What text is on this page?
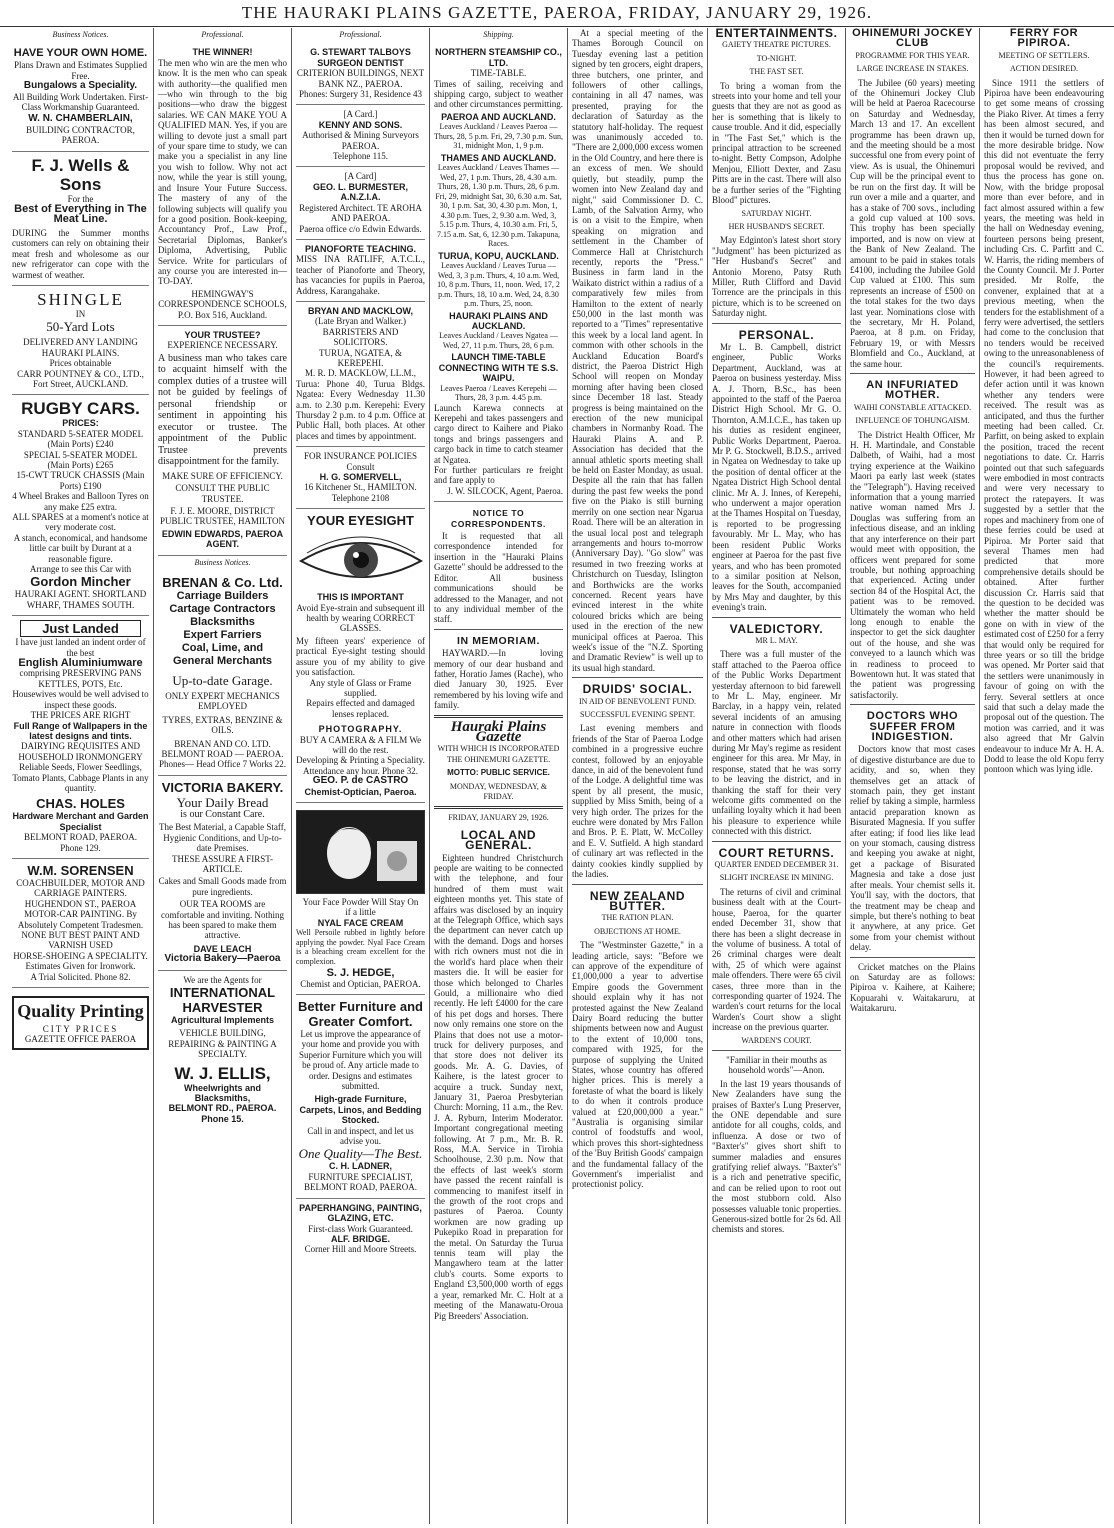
THE HAURAKI PLAINS GAZETTE, PAEROA, FRIDAY, JANUARY 29, 1926.
Business Notices.
HAVE YOUR OWN HOME.
Plans Drawn and Estimates Supplied Free.
Bungalows a Speciality.
All Building Work Undertaken. First-Class Workmanship Guaranteed.
W. N. CHAMBERLAIN,
BUILDING CONTRACTOR, PAEROA.
F. J. Wells & Sons
For the
Best of Everything in The Meat Line.
DURING the Summer months customers can rely on obtaining their meat fresh and wholesome as our new refrigerator can cope with the warmest of weather.
SHINGLE
IN
50-Yard Lots
DELIVERED ANY LANDING HAURAKI PLAINS.
Prices obtainable
CARR POUNTNEY & CO., LTD., Fort Street, AUCKLAND.
RUGBY CARS.
PRICES:
STANDARD 5-SEATER MODEL (Main Ports) £240
SPECIAL 5-SEATER MODEL (Main Ports) £265
15-CWT TRUCK CHASSIS (Main Ports) £190
4 Wheel Brakes and Balloon Tyres on any make £25 extra.
ALL SPARES at a moment's notice at very moderate cost.
A stanch, economical, and handsome little car built by Durant at a reasonable figure.
Arrange to see this Car with
Gordon Mincher
HAURAKI AGENT. SHORTLAND WHARF, THAMES SOUTH.
Just Landed
I have just landed an indent order of the best
English Aluminiumware
comprising PRESERVING PANS KETTLES, POTS, Etc.
Housewives would be well advised to inspect these goods.
THE PRICES ARE RIGHT
Full Range of Wallpapers in the latest designs and tints.
DAIRYING REQUISITES AND HOUSEHOLD IRONMONGERY
Reliable Seeds, Flower Seedlings, Tomato Plants, Cabbage Plants in any quantity.
CHAS. HOLES
Hardware Merchant and Garden Specialist
BELMONT ROAD, PAEROA. Phone 129.
W.M. SORENSEN
COACHBUILDER, MOTOR AND CARRIAGE PAINTERS. HUGHENDON ST., PAEROA
MOTOR-CAR PAINTING. By Absolutely Competent Tradesmen.
NONE BUT BEST PAINT AND VARNISH USED
HORSE-SHOEING A SPECIALITY.
Estimates Given for Ironwork.
A Trial Solicited. Phone 82.
Quality Printing
CITY PRICES
GAZETTE OFFICE PAEROA
Professional.
THE WINNER!
The men who win are the men who know. It is the men who can speak with authority—the qualified men—who win through to the big positions—who draw the biggest salaries. WE CAN MAKE YOU A QUALIFIED MAN. Yes, if you are willing to devote just a small part of your spare time to study, we can make you a specialist in any line you wish to follow. Why not act now, while the year is still young, and Insure Your Future Success. The mastery of any of the following subjects will qualify you for a good position. Book-keeping, Accountancy Prof., Law Prof., Secretarial Diplomas, Banker's Diploma, Advertising, Public Service. Write for particulars of any course you are interested in—TO-DAY.
HEMINGWAY'S CORRESPONDENCE SCHOOLS, P.O. Box 516, Auckland.
YOUR TRUSTEE?
EXPERIENCE NECESSARY.
A business man who takes care to acquaint himself with the complex duties of a trustee will not be guided by feelings of personal friendship or sentiment in appointing his executor or trustee. The appointment of the Public Trustee prevents disappointment for the family.
MAKE SURE OF EFFICIENCY.
CONSULT THE PUBLIC TRUSTEE.
F. J. E. MOORE, DISTRICT PUBLIC TRUSTEE, HAMILTON
EDWIN EDWARDS, PAEROA AGENT.
Business Notices.
BRENAN & Co. Ltd.
Carriage Builders
Cartage Contractors
Blacksmiths
Expert Farriers
Coal, Lime, and
General Merchants
Up-to-date Garage.
ONLY EXPERT MECHANICS EMPLOYED
TYRES, EXTRAS, BENZINE & OILS.
BRENAN AND CO. LTD. BELMONT ROAD — PAEROA.
Phones— Head Office 7 Works 22.
VICTORIA BAKERY.
Your Daily Bread
is our Constant Care.
The Best Material, a Capable Staff, Hygienic Conditions, and Up-to-date Premises.
THESE ASSURE A FIRST-ARTICLE.
Cakes and Small Goods made from pure ingredients.
OUR TEA ROOMS are comfortable and inviting. Nothing has been spared to make them attractive.
DAVE LEACH
Victoria Bakery—Paeroa
We are the Agents for
INTERNATIONAL HARVESTER
Agricultural Implements
VEHICLE BUILDING, REPAIRING & PAINTING A SPECIALTY.
W. J. ELLIS,
Wheelwrights and Blacksmiths,
BELMONT RD., PAEROA.
Phone 15.
Professional.
G. STEWART TALBOYS SURGEON DENTIST
CRITERION BUILDINGS, NEXT BANK NZ., PAEROA.
Phones: Surgery 31, Residence 43
[A Card.]
KENNY AND SONS.
Authorised & Mining Surveyors PAEROA.
Telephone 115.
[A Card]
GEO. L. BURMESTER, A.N.Z.I.A.
Registered Architect. TE AROHA AND PAEROA.
Paeroa office c/o Edwin Edwards.
PIANOFORTE TEACHING.
MISS INA RATLIFF, A.T.C.L., teacher of Pianoforte and Theory, has vacancies for pupils in Paeroa, Address, Karangahake.
BRYAN AND MACKLOW,
(Late Bryan and Walker.)
BARRISTERS AND SOLICITORS.
TURUA, NGATEA, & KEREPEHI.
M. R. D. MACKLOW, LL.M.,
Turua: Phone 40, Turua Bldgs. Ngatea: Every Wednesday 11.30 a.m. to 2.30 p.m. Kerepehi: Every Thursday 2 p.m. to 4 p.m. Office at Public Hall, both places. At other places and times by appointment.
FOR INSURANCE POLICIES Consult
H. G. SOMERVELL,
16 Kitchener St., HAMILTON.
Telephone 2108
YOUR EYESIGHT
THIS IS IMPORTANT
Avoid Eye-strain and subsequent ill health by wearing CORRECT GLASSES.
My fifteen years' experience of practical Eye-sight testing should assure you of my ability to give you satisfaction.
Any style of Glass or Frame supplied.
Repairs effected and damaged lenses replaced.
PHOTOGRAPHY.
BUY A CAMERA & A FILM We will do the rest.
Developing & Printing a Speciality. Attendance any hour. Phone 32.
GEO. P. de CASTRO
Chemist-Optician, Paeroa.
Your Face Powder Will Stay On
if a little
NYAL FACE CREAM
Well Persoile rubbed in lightly before applying the powder. Nyal Face Cream is a bleaching cream excellent for the complexion.
S. J. HEDGE,
Chemist and Optician, PAEROA.
Better Furniture and Greater Comfort.
Let us improve the appearance of your home and provide you with Superior Furniture which you will be proud of. Any article made to order. Designs and estimates submitted.
High-grade Furniture, Carpets, Linos, and Bedding Stocked.
Call in and inspect, and let us advise you.
One Quality—The Best.
C. H. LADNER,
FURNITURE SPECIALIST, BELMONT ROAD, PAEROA.
PAPERHANGING, PAINTING, GLAZING, ETC.
First-class Work Guaranteed.
ALF. BRIDGE.
Corner Hill and Moore Streets.
Shipping.
NORTHERN STEAMSHIP CO., LTD.
TIME-TABLE.
Times of sailing, receiving and shipping cargo, subject to weather and other circumstances permitting.
PAEROA AND AUCKLAND.
Leaves Auckland / Leaves Paeroa — Thurs, 28, 5 p.m. Fri, 29, 7.30 p.m. Sun, 31, midnight Mon, 1, 9 p.m.
THAMES AND AUCKLAND.
Leaves Auckland / Leaves Thames — Wed, 27, 1 p.m. Thurs, 28, 4.30 a.m. Thurs, 28, 1.30 p.m. Thurs, 28, 6 p.m. Fri, 29, midnight Sat, 30, 6.30 a.m. Sat, 30, 1 p.m. Sat, 30, 4.30 p.m. Mon, 1, 4.30 p.m. Tues, 2, 9.30 a.m. Wed, 3, 5.15 p.m. Thurs, 4, 10.30 a.m. Fri, 5, 7.15 a.m. Sat, 6, 12.30 p.m. Takapuna, Races.
TURUA, KOPU, AUCKLAND.
Leaves Auckland / Leaves Turua — Wed, 3, 3 p.m. Thurs, 4, 10 a.m. Wed, 10, 8 p.m. Thurs, 11, noon. Wed, 17, 2 p.m. Thurs, 18, 10 a.m. Wed, 24, 8.30 p.m. Thurs, 25, noon.
HAURAKI PLAINS AND AUCKLAND.
Leaves Auckland / Leaves Ngatea — Wed, 27, 11 p.m. Thurs, 28, 6 p.m.
LAUNCH TIME-TABLE CONNECTING WITH TE S.S. WAIPU.
Leaves Paeroa / Leaves Kerepehi — Thurs, 28, 3 p.m. 4.45 p.m.
Launch Karewa connects at Kerepehi and takes passengers and cargo direct to Kaihere and Piako tongs and brings passengers and cargo back in time to catch steamer at Ngatea.
For further particulars re freight and fare apply to
J. W. SILCOCK, Agent, Paeroa.
NOTICE TO CORRESPONDENTS.

It is requested that all correspondence intended for insertion in the "Hauraki Plains Gazette" should be addressed to the Editor. All business communications should be addressed to the Manager, and not to any individual member of the staff.

IN MEMORIAM.

HAYWARD.—In loving memory of our dear husband and father, Horatio James (Rache), who died January 30, 1925. Ever remembered by his loving wife and family.

Hauraki Plains Gazette
WITH WHICH IS INCORPORATED THE OHINEMURI GAZETTE.
MOTTO: PUBLIC SERVICE.
MONDAY, WEDNESDAY, & FRIDAY.
FRIDAY, JANUARY 29, 1926.
LOCAL AND GENERAL.

Eighteen hundred Christchurch people are waiting to be connected with the telephone, and four hundred of them must wait eighteen months yet. This state of affairs was disclosed by an inquiry at the Telegraph Office, which says the department can never catch up with the demand. Dogs and horses with rich owners must not die in the world's hard place when their masters die. It will be easier for those which belonged to Charles Gould, a millionaire who died recently. He left £4000 for the care of his pet dogs and horses. There now only remains one store on the Plains that does not use a motor-truck for delivery purposes, and that store does not deliver its goods. Mr. A. G. Davies, of Kaihere, is the latest grocer to acquire a truck. Sunday next, January 31, Paeroa Presbyterian Church: Morning, 11 a.m., the Rev. J. A. Ryburn, Interim Moderator. Important congregational meeting following. At 7 p.m., Mr. B. R. Ross, M.A. Service in Tirohia Schoolhouse, 2.30 p.m. Now that the effects of last week's storm have passed the recent rainfall is commencing to manifest itself in the growth of the root crops and pastures of Paeroa. County workmen are now grading up Pukepiko Road in preparation for the metal. On Saturday the Turua tennis team will play the Mangawhero team at the latter club's courts. Some exports to England £3,500,000 worth of eggs a year, remarked Mr. C. Holt at a meeting of the Manawatu-Oroua Pig Breeders' Association.

At a special meeting of the Thames Borough Council on Tuesday evening last a petition signed by ten grocers, eight drapers, three butchers, one printer, and followers of other callings, containing in all 47 names, was presented, praying for the declaration of Saturday as the statutory half-holiday. The request was unanimously acceded to. "There are 2,000,000 excess women in the Old Country, and here there is an excess of men. We should quietly, but steadily, pump the women into New Zealand day and night," said Commissioner D. C. Lamb, of the Salvation Army, who is on a visit to the Empire, when speaking on migration and settlement in the Chamber of Commerce Hall at Christchurch recently, reports the "Press." Business in farm land in the Waikato district within a radius of a comparatively few miles from Hamilton to the extent of nearly £50,000 in the last month was reported to a "Times" representative this week by a local land agent. In common with other schools in the Auckland Education Board's district, the Paeroa District High School will reopen on Monday morning after having been closed since December 18 last. Steady progress is being maintained on the erection of the new municipal chambers in Normanby Road. The Hauraki Plains A. and P. Association has decided that the annual athletic sports meeting shall be held on Easter Monday, as usual. Despite all the rain that has fallen during the past few weeks the pond five on the Piako is still burning merrily on one section near Ngarua Road. There will be an alteration in the usual local post and telegraph arrangements and hours to-morrow (Anniversary Day). "Go slow" was resumed in two freezing works at Christchurch on Tuesday, Islington and Borthwicks are the works concerned. Recent years have evinced interest in the white coloured bricks which are being used in the erection of the new municipal offices at Paeroa. This week's issue of the "N.Z. Sporting and Dramatic Review" is well up to its usual high standard.

DRUIDS' SOCIAL.
IN AID OF BENEVOLENT FUND.
SUCCESSFUL EVENING SPENT.

Last evening members and friends of the Star of Paeroa Lodge combined in a progressive euchre contest, followed by an enjoyable dance, in aid of the benevolent fund of the Lodge. A delightful time was spent by all present, the music, supplied by Miss Smith, being of a very high order. The prizes for the euchre were donated by Mrs Fallon and Bros. P. E. Platt, W. McColley and E. V. Sutfield. A high standard of culinary art was reflected in the dainty cookies kindly supplied by the ladies.

NEW ZEALAND BUTTER.
THE RATION PLAN.
OBJECTIONS AT HOME.

The "Westminster Gazette," in a leading article, says: "Before we can approve of the expenditure of £1,000,000 a year to advertise Empire goods the Government should explain why it has not protested against the New Zealand Dairy Board reducing the butter shipments between now and August to the extent of 10,000 tons, compared with 1925, for the purpose of supplying the United States, whose country has offered higher prices. This is merely a foretaste of what the board is likely to do when it controls produce valued at £20,000,000 a year." "Australia is organising similar control of foodstuffs and wool, which proves this short-sightedness of the 'Buy British Goods' campaign and the fundamental fallacy of the Government's imperialist and protectionist policy.

ENTERTAINMENTS.
GAIETY THEATRE PICTURES.
TO-NIGHT.
THE FAST SET.

To bring a woman from the streets into your home and tell your guests that they are not as good as her is something that is likely to cause trouble. And it did, especially in "The Fast Set," which is the principal attraction to be screened to-night. Betty Compson, Adolphe Menjou, Elliott Dexter, and Zasu Pitts are in the cast. There will also be a further series of the "Fighting Blood" pictures.

SATURDAY NIGHT.
HER HUSBAND'S SECRET.

May Edginton's latest short story "Judgment" has been picturized as "Her Husband's Secret" and Antonio Moreno, Patsy Ruth Miller, Ruth Clifford and David Torrence are the principals in this picture, which is to be screened on Saturday night.

PERSONAL.

Mr L. B. Campbell, district engineer, Public Works Department, Auckland, was at Paeroa on business yesterday. Miss A. J. Thorn, B.Sc., has been appointed to the staff of the Paeroa District High School. Mr G. O. Thornton, A.M.I.C.E., has taken up his duties as resident engineer, Public Works Department, Paeroa. Mr P. G. Stockwell, B.D.S., arrived in Ngatea on Wednesday to take up the position of dental officer at the Ngatea District High School dental clinic. Mr A. J. Innes, of Kerepehi, who underwent a major operation at the Thames Hospital on Tuesday, is reported to be progressing favourably. Mr L. May, who has been resident Public Works engineer at Paeroa for the past five years, and who has been promoted to a similar position at Nelson, leaves for the South, accompanied by Mrs May and daughter, by this evening's train.

VALEDICTORY.
MR L. MAY.

There was a full muster of the staff attached to the Paeroa office of the Public Works Department yesterday afternoon to bid farewell to Mr L. May, engineer. Mr Barclay, in a happy vein, related several incidents of an amusing nature in connection with floods and other matters which had arisen during Mr May's regime as resident engineer for this area. Mr May, in response, stated that he was sorry to be leaving the district, and in thanking the staff for their very welcome gifts commented on the unfailing loyalty which it had been his pleasure to experience while connected with this district.

COURT RETURNS.
QUARTER ENDED DECEMBER 31.
SLIGHT INCREASE IN MINING.

The returns of civil and criminal business dealt with at the Court-house, Paeroa, for the quarter ended December 31, show that there has been a slight decrease in the volume of business. A total of 26 criminal charges were dealt with, 25 of which were against male offenders. There were 65 civil cases, three more than in the corresponding quarter of 1924. The warden's court returns for the local Warden's Court show a slight increase on the previous quarter.

WARDEN'S COURT.

"Familiar in their mouths as household words"—Anon.

In the last 19 years thousands of New Zealanders have sung the praises of Baxter's Lung Preserver, the ONE dependable and sure antidote for all coughs, colds, and influenza. A dose or two of "Baxter's" gives short shift to summer maladies and ensures gratifying relief always. "Baxter's" is a rich and penetrative specific, and can be relied upon to root out the most stubborn cold. Also possesses valuable tonic properties. Generous-sized bottle for 2s 6d. All chemists and stores.

OHINEMURI JOCKEY CLUB
PROGRAMME FOR THIS YEAR.
LARGE INCREASE IN STAKES.

The Jubilee (60 years) meeting of the Ohinemuri Jockey Club will be held at Paeroa Racecourse on Saturday and Wednesday, March 13 and 17. An excellent programme has been drawn up, and the meeting should be a most successful one from every point of view. As is usual, the Ohinemuri Cup will be the principal event to be run on the first day. It will be run over a mile and a quarter, and has a stake of 700 sovs., including a gold cup valued at 100 sovs. This trophy has been specially imported, and is now on view at the Bank of New Zealand. The amount to be paid in stakes totals £4100, including the Jubilee Gold Cup valued at £100. This sum represents an increase of £500 on the total stakes for the two days last year. Nominations close with the secretary, Mr H. Poland, Paeroa, at 8 p.m. on Friday, February 19, or with Messrs Blomfield and Co., Auckland, at the same hour.

AN INFURIATED MOTHER.
WAIHI CONSTABLE ATTACKED.
INFLUENCE OF TOHUNGAISM.

The District Health Officer, Mr H. H. Martindale, and Constable Dalbeth, of Waihi, had a most trying experience at the Waikino Maori pa early last week (states the "Telegraph"). Having received information that a young married native woman named Mrs J. Douglas was suffering from an infectious disease, and an inkling that any interference on their part would meet with opposition, the officers went prepared for some trouble, but nothing approaching that experienced. Acting under section 84 of the Hospital Act, the patient was to be removed. Ultimately the woman who held long enough to enable the inspector to get the sick daughter out of the house, and she was conveyed to a launch which was in readiness to proceed to Bowentown hut. It was stated that the patient was progressing satisfactorily.

DOCTORS WHO SUFFER FROM INDIGESTION.

Doctors know that most cases of digestive disturbance are due to acidity, and so, when they themselves get an attack of stomach pain, they get instant relief by taking a simple, harmless antacid preparation known as Bisurated Magnesia. If you suffer after eating; if food lies like lead on your stomach, causing distress and keeping you awake at night, get a package of Bisurated Magnesia and take a dose just after meals. Your chemist sells it. You'll say, with the doctors, that the treatment may be cheap and simple, but there's nothing to beat it anywhere, at any price. Get some from your chemist without delay.

Cricket matches on the Plains on Saturday are as follows: Pipiroa v. Kaihere, at Kaihere; Kopuarahi v. Waitakaruru, at Waitakaruru.

FERRY FOR PIPIROA.
MEETING OF SETTLERS.
ACTION DESIRED.

Since 1911 the settlers of Pipiroa have been endeavouring to get some means of crossing the Piako River. At times a ferry has been almost secured, and then it would be turned down for the more desirable bridge. Now this did not eventuate the ferry proposal would be revived, and thus the process has gone on. Now, with the bridge proposal more than ever before, and in fact almost assured within a few years, the meeting was held in the hall on Wednesday evening, fourteen persons being present, including Crs. C. Parfitt and C. W. Harris, the riding members of the County Council. Mr J. Porter presided. Mr Rolfe, the convener, explained that at a previous meeting, when the tenders for the establishment of a ferry were advertised, the settlers had come to the conclusion that no tenders would be received owing to the unreasonableness of the council's requirements. However, it had been agreed to defer action until it was known whether any tenders were received. The result was as anticipated, and thus the further meeting had been called. Cr. Parfitt, on being asked to explain the position, traced the recent negotiations to date. Cr. Harris pointed out that such safeguards were embodied in most contracts and were very necessary to protect the ratepayers. It was suggested by a settler that the ropes and machinery from one of these ferries could be used at Pipiroa. Mr Porter said that several Thames men had predicted that more comprehensive details should be obtained. After further discussion Cr. Harris said that the question to be decided was whether the matter should be gone on with in view of the estimated cost of £250 for a ferry that would only be required for three years or so till the bridge was opened. Mr Porter said that the settlers were unanimously in favour of going on with the ferry. Several settlers at once said that such a delay made the proposal out of the question. The motion was carried, and it was also agreed that Mr Galvin endeavour to induce Mr A. H. A. Dodd to lease the old Kopu ferry pontoon which was lying idle.
